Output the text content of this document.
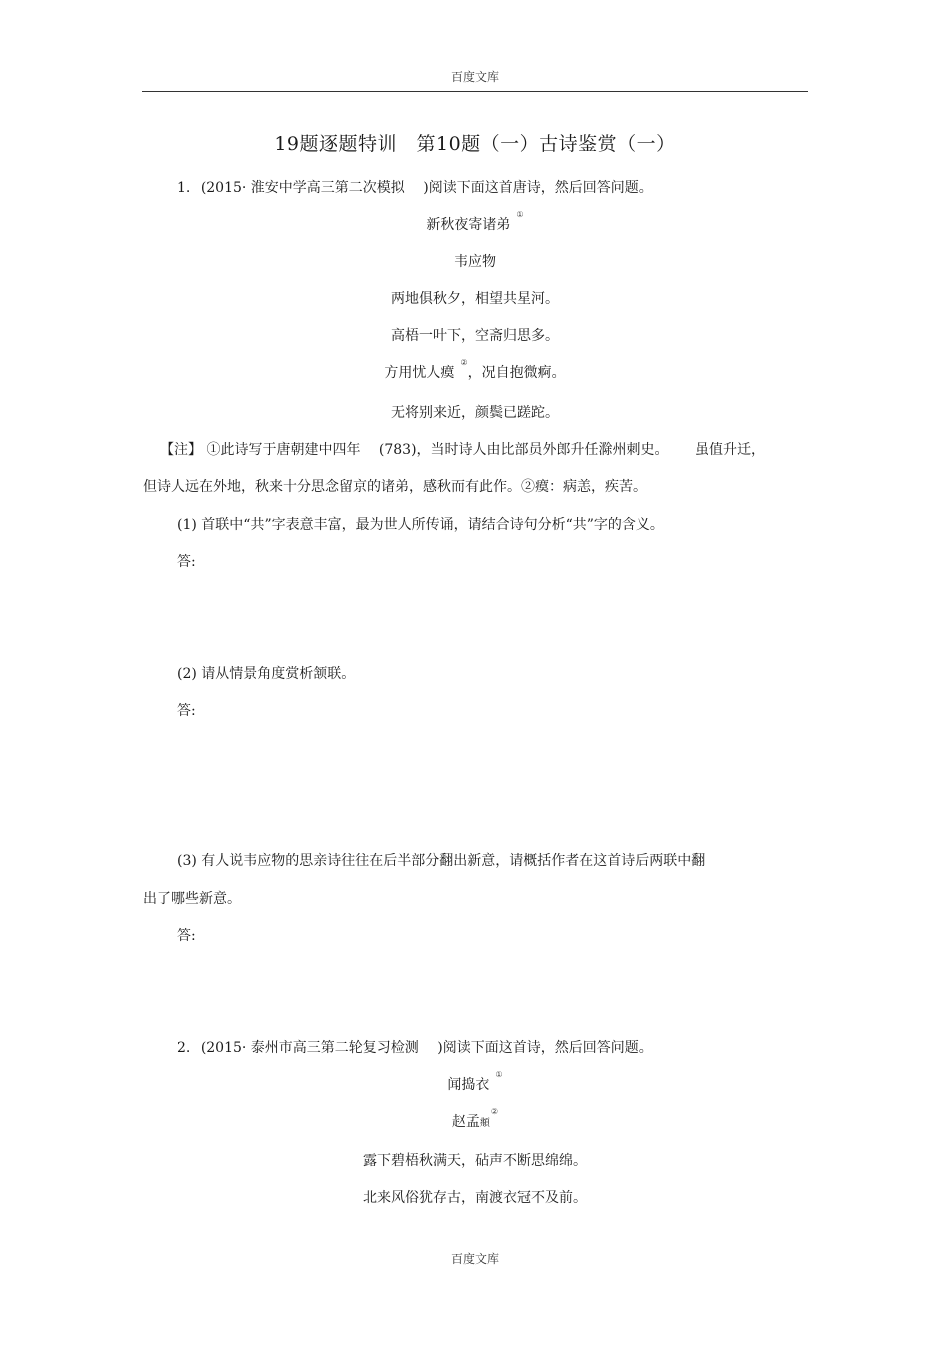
百度文库
19题逐题特训　第10题（一）古诗鉴赏（一）
1. (2015· 淮安中学高三第二次模拟 )阅读下面这首唐诗，然后回答问题。
新秋夜寄诸弟①
韦应物
两地俱秋夕，相望共星河。
高梧一叶下，空斋归思多。
方用忧人瘼②，况自抱微痾。
无将别来近，颜鬓已蹉跎。
【注】 ①此诗写于唐朝建中四年 (783)，当时诗人由比部员外郎升任滁州刺史。 虽值升迁，
但诗人远在外地，秋来十分思念留京的诸弟，感秋而有此作。②瘼：病恙，疾苦。
(1) 首联中“共”字表意丰富，最为世人所传诵，请结合诗句分析“共”字的含义。
答:
(2) 请从情景角度赏析颔联。
答:
(3) 有人说韦应物的思亲诗往往在后半部分翻出新意，请概括作者在这首诗后两联中翻
出了哪些新意。
答:
2. (2015· 泰州市高三第二轮复习检测 )阅读下面这首诗，然后回答问题。
闻捣衣①
赵孟頫②
露下碧梧秋满天，砧声不断思绵绵。
北来风俗犹存古，南渡衣冠不及前。
百度文库
